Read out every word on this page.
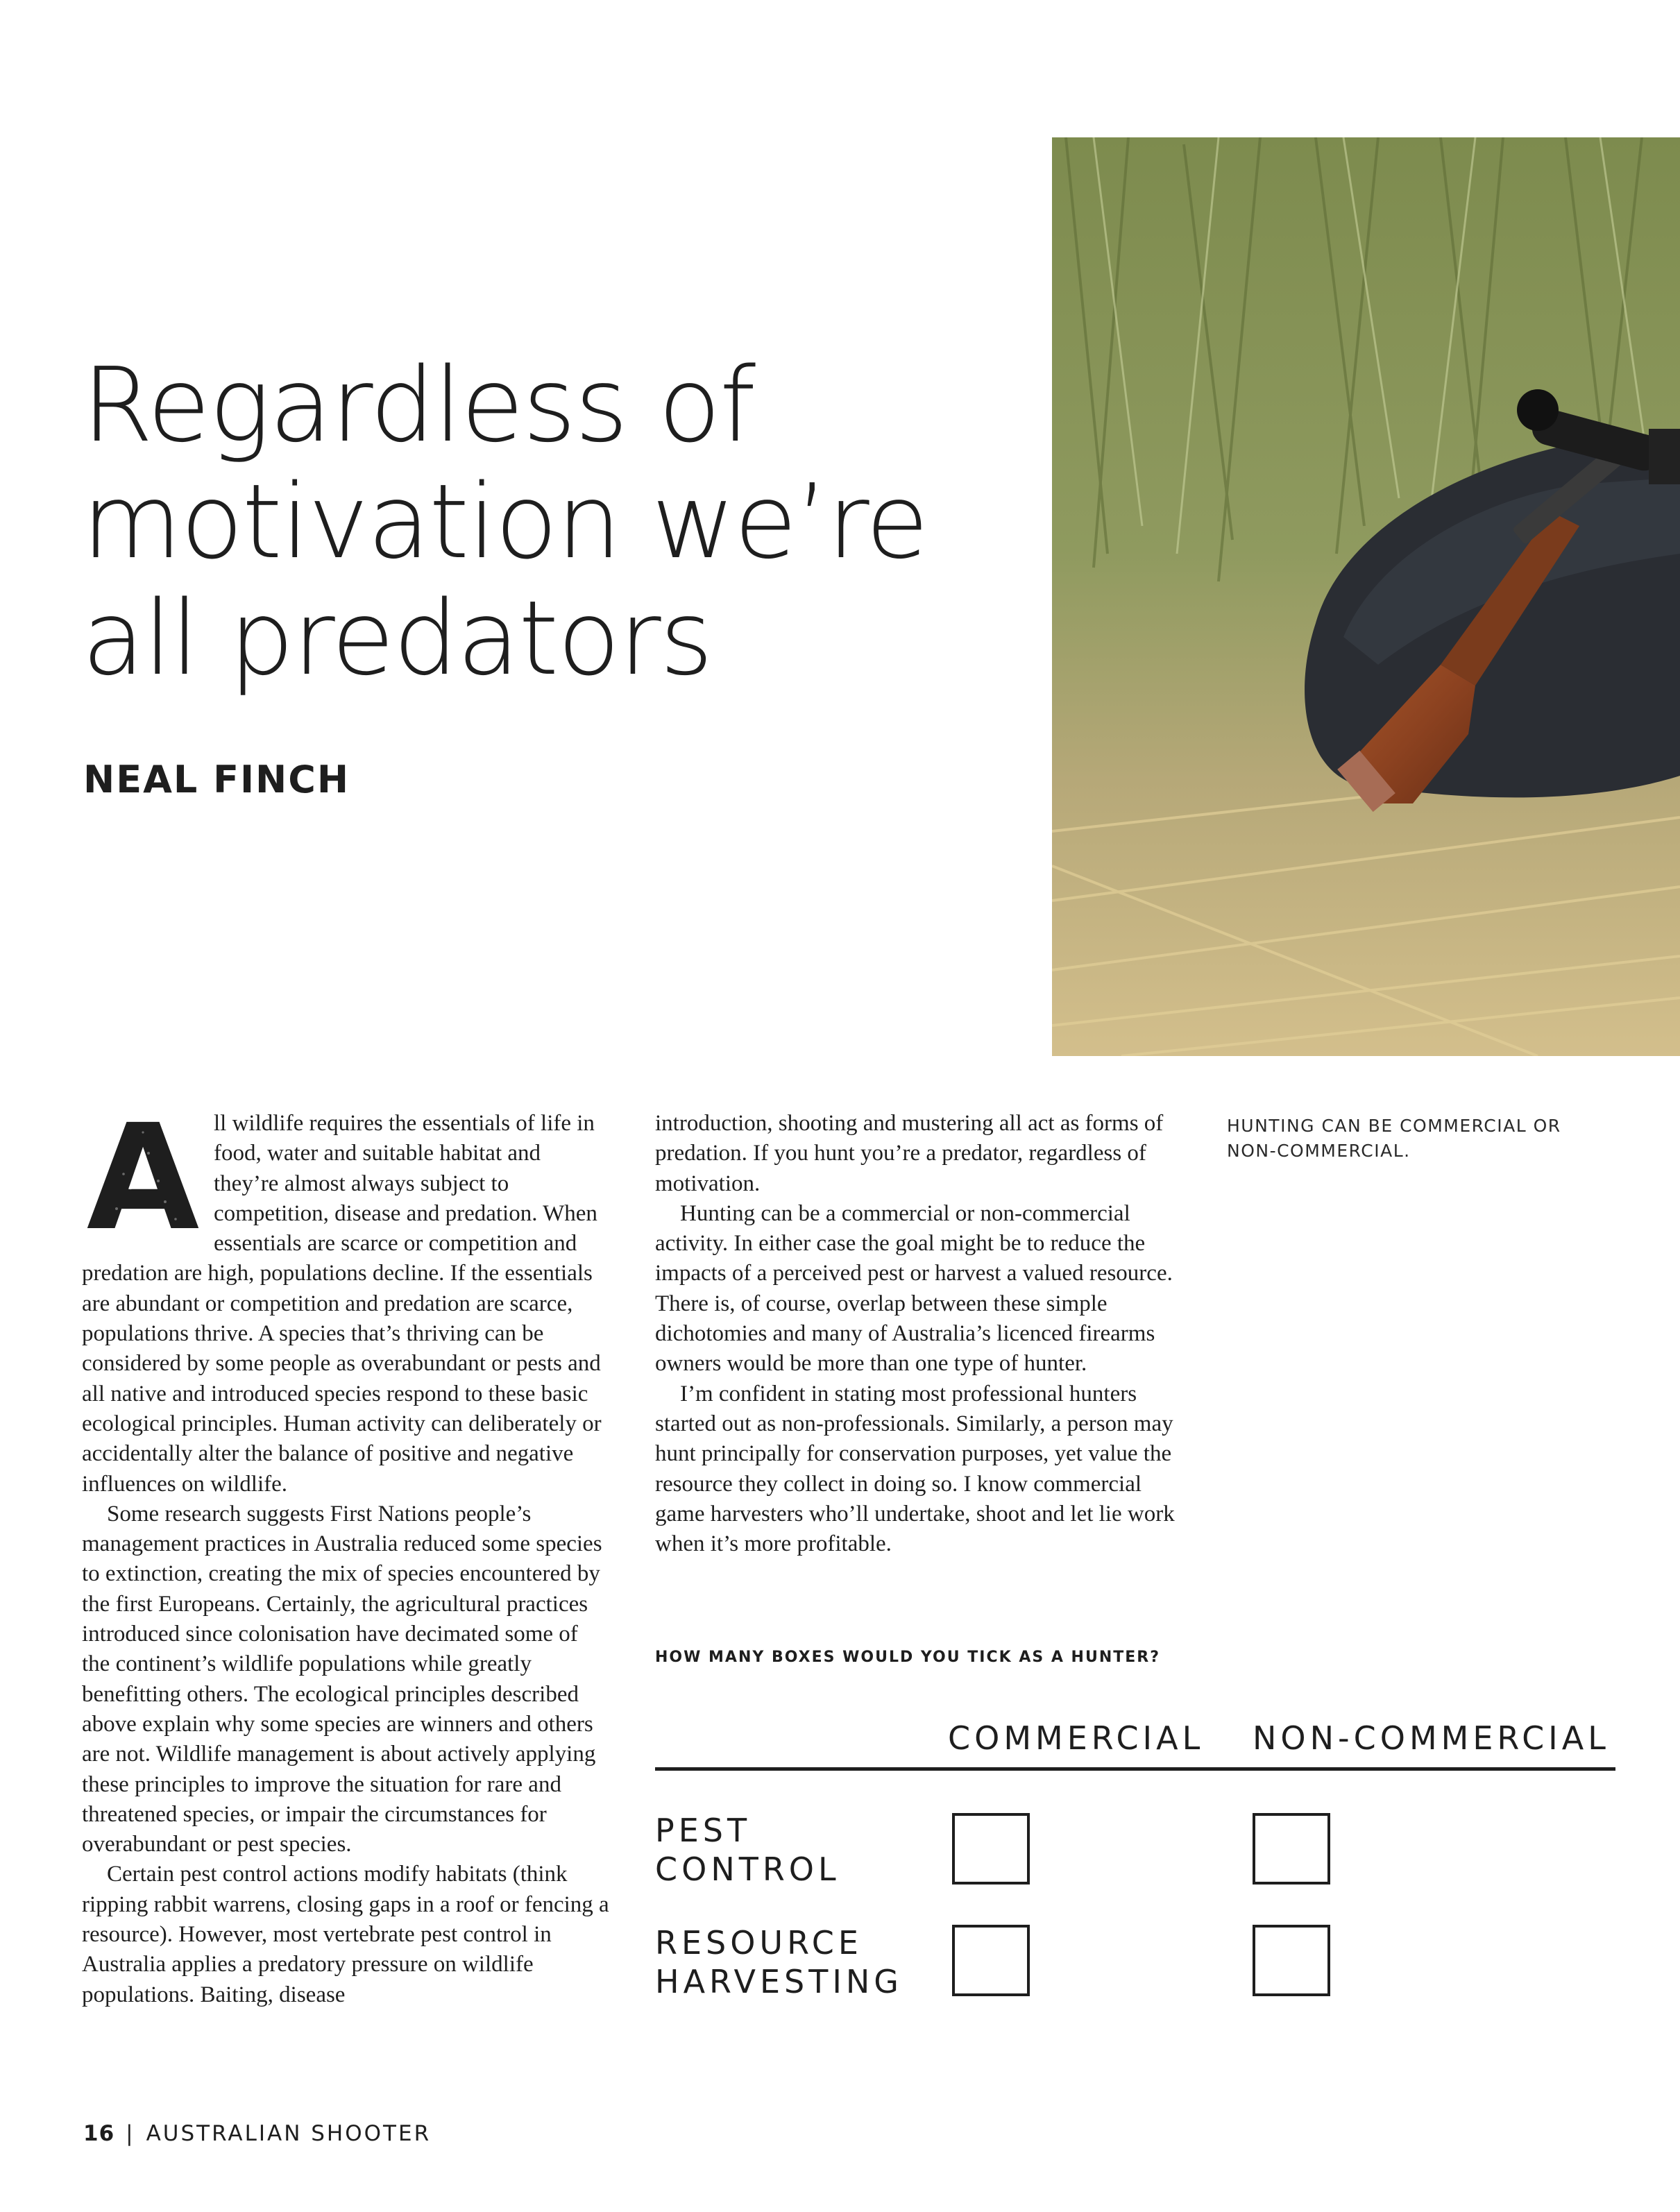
Regardless of
motivation we’re
all predators
NEAL FINCH
A ll wildlife requires the essentials of life in food, water and suitable habitat and they’re almost always subject to competition, disease and predation. When essentials are scarce or competition and predation are high, populations decline. If the essentials are abundant or competition and predation are scarce, populations thrive. A species that’s thriving can be considered by some people as overabundant or pests and all native and introduced species respond to these basic ecological principles. Human activity can deliberately or accidentally alter the balance of positive and negative influences on wildlife.

Some research suggests First Nations people’s management practices in Australia reduced some species to extinction, creating the mix of species encountered by the first Europeans. Certainly, the agricultural practices introduced since colonisation have decimated some of the continent’s wildlife populations while greatly benefitting others. The ecological principles described above explain why some species are winners and others are not. Wildlife management is about actively applying these principles to improve the situation for rare and threatened species, or impair the circumstances for overabundant or pest species.

Certain pest control actions modify habitats (think ripping rabbit warrens, closing gaps in a roof or fencing a resource). However, most vertebrate pest control in Australia applies a predatory pressure on wildlife populations. Baiting, disease

introduction, shooting and mustering all act as forms of predation. If you hunt you’re a predator, regardless of motivation.

Hunting can be a commercial or non-commercial activity. In either case the goal might be to reduce the impacts of a perceived pest or harvest a valued resource. There is, of course, overlap between these simple dichotomies and many of Australia’s licenced firearms owners would be more than one type of hunter.

I’m confident in stating most professional hunters started out as non-professionals. Similarly, a person may hunt principally for conservation purposes, yet value the resource they collect in doing so. I know commercial game harvesters who’ll undertake, shoot and let lie work when it’s more profitable.

HUNTING CAN BE COMMERCIAL OR NON-COMMERCIAL.
HOW MANY BOXES WOULD YOU TICK AS A HUNTER?
COMMERCIAL NON-COMMERCIAL
PEST
CONTROL
RESOURCE
HARVESTING
16 | AUSTRALIAN SHOOTER
